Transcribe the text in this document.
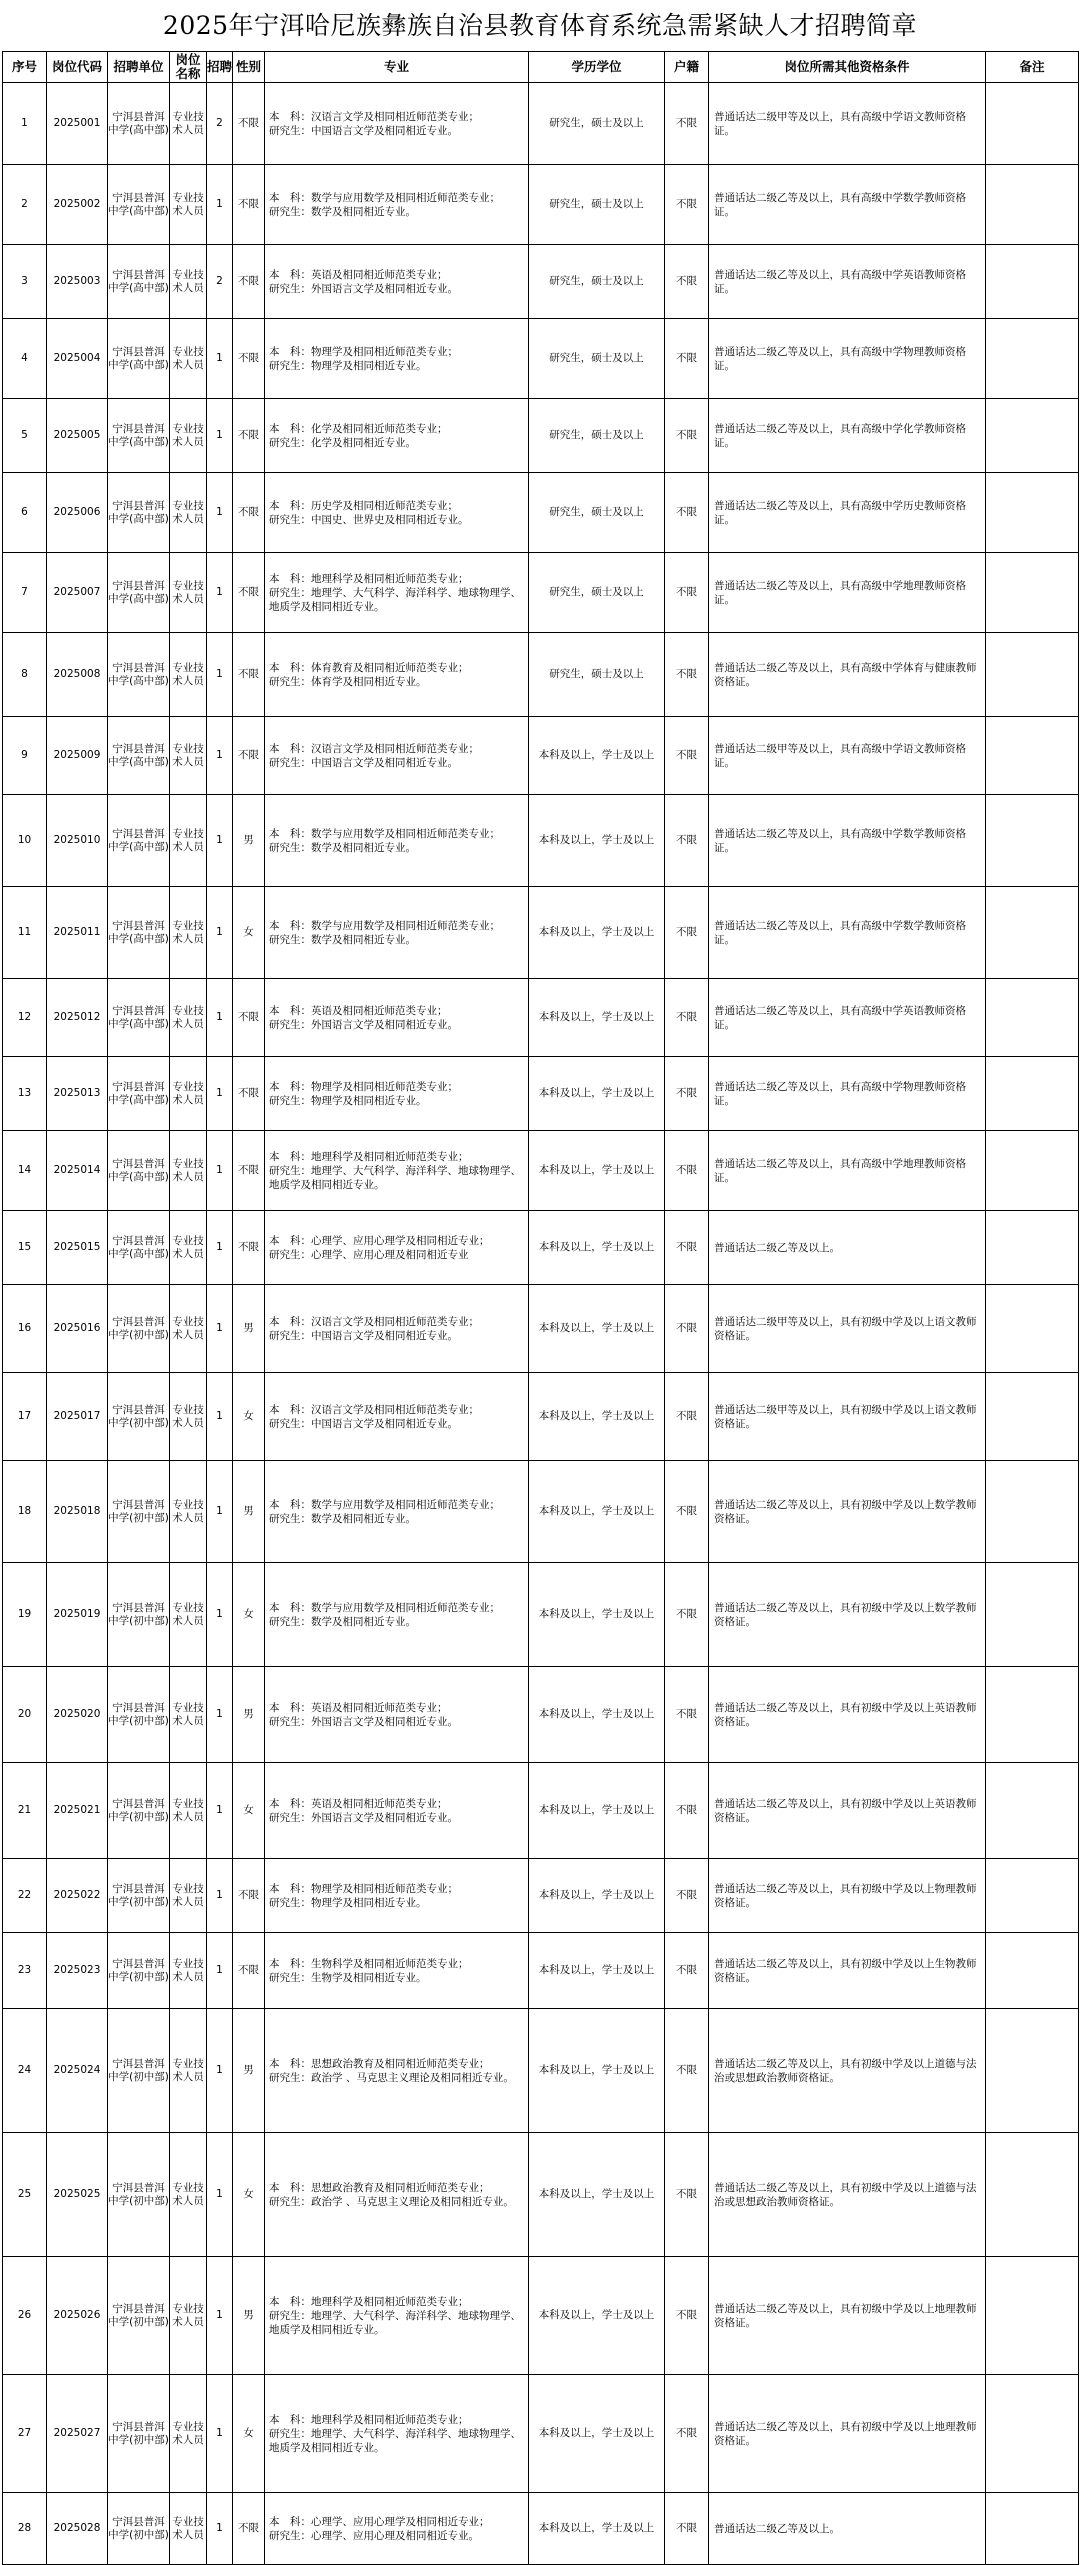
2025年宁洱哈尼族彝族自治县教育体育系统急需紧缺人才招聘简章
序号	岗位代码	招聘单位	岗位名称	招聘	性别	专业	学历学位	户籍	岗位所需其他资格条件	备注
1	2025001	宁洱县普洱中学(高中部)	专业技术人员	2	不限	本　科：汉语言文学及相同相近师范类专业；
研究生：中国语言文学及相同相近专业。	研究生，硕士及以上	不限	普通话达二级甲等及以上，具有高级中学语文教师资格证。	
2	2025002	宁洱县普洱中学(高中部)	专业技术人员	1	不限	本　科：数学与应用数学及相同相近师范类专业；
研究生：数学及相同相近专业。	研究生，硕士及以上	不限	普通话达二级乙等及以上，具有高级中学数学教师资格证。	
3	2025003	宁洱县普洱中学(高中部)	专业技术人员	2	不限	本　科：英语及相同相近师范类专业；
研究生：外国语言文学及相同相近专业。	研究生，硕士及以上	不限	普通话达二级乙等及以上，具有高级中学英语教师资格证。	
4	2025004	宁洱县普洱中学(高中部)	专业技术人员	1	不限	本　科：物理学及相同相近师范类专业；
研究生：物理学及相同相近专业。	研究生，硕士及以上	不限	普通话达二级乙等及以上，具有高级中学物理教师资格证。	
5	2025005	宁洱县普洱中学(高中部)	专业技术人员	1	不限	本　科：化学及相同相近师范类专业；
研究生：化学及相同相近专业。	研究生，硕士及以上	不限	普通话达二级乙等及以上，具有高级中学化学教师资格证。	
6	2025006	宁洱县普洱中学(高中部)	专业技术人员	1	不限	本　科：历史学及相同相近师范类专业；
研究生：中国史、世界史及相同相近专业。	研究生，硕士及以上	不限	普通话达二级乙等及以上，具有高级中学历史教师资格证。	
7	2025007	宁洱县普洱中学(高中部)	专业技术人员	1	不限	本　科：地理科学及相同相近师范类专业；
研究生：地理学、大气科学、海洋科学、地球物理学、地质学及相同相近专业。	研究生，硕士及以上	不限	普通话达二级乙等及以上，具有高级中学地理教师资格证。	
8	2025008	宁洱县普洱中学(高中部)	专业技术人员	1	不限	本　科：体育教育及相同相近师范类专业；
研究生：体育学及相同相近专业。	研究生，硕士及以上	不限	普通话达二级乙等及以上，具有高级中学体育与健康教师资格证。	
9	2025009	宁洱县普洱中学(高中部)	专业技术人员	1	不限	本　科：汉语言文学及相同相近师范类专业；
研究生：中国语言文学及相同相近专业。	本科及以上，学士及以上	不限	普通话达二级甲等及以上，具有高级中学语文教师资格证。	
10	2025010	宁洱县普洱中学(高中部)	专业技术人员	1	男	本　科：数学与应用数学及相同相近师范类专业；
研究生：数学及相同相近专业。	本科及以上，学士及以上	不限	普通话达二级乙等及以上，具有高级中学数学教师资格证。	
11	2025011	宁洱县普洱中学(高中部)	专业技术人员	1	女	本　科：数学与应用数学及相同相近师范类专业；
研究生：数学及相同相近专业。	本科及以上，学士及以上	不限	普通话达二级乙等及以上，具有高级中学数学教师资格证。	
12	2025012	宁洱县普洱中学(高中部)	专业技术人员	1	不限	本　科：英语及相同相近师范类专业；
研究生：外国语言文学及相同相近专业。	本科及以上，学士及以上	不限	普通话达二级乙等及以上，具有高级中学英语教师资格证。	
13	2025013	宁洱县普洱中学(高中部)	专业技术人员	1	不限	本　科：物理学及相同相近师范类专业；
研究生：物理学及相同相近专业。	本科及以上，学士及以上	不限	普通话达二级乙等及以上，具有高级中学物理教师资格证。	
14	2025014	宁洱县普洱中学(高中部)	专业技术人员	1	不限	本　科：地理科学及相同相近师范类专业；
研究生：地理学、大气科学、海洋科学、地球物理学、地质学及相同相近专业。	本科及以上，学士及以上	不限	普通话达二级乙等及以上，具有高级中学地理教师资格证。	
15	2025015	宁洱县普洱中学(高中部)	专业技术人员	1	不限	本　科：心理学、应用心理学及相同相近专业；
研究生：心理学、应用心理及相同相近专业	本科及以上，学士及以上	不限	普通话达二级乙等及以上。	
16	2025016	宁洱县普洱中学(初中部)	专业技术人员	1	男	本　科：汉语言文学及相同相近师范类专业；
研究生：中国语言文学及相同相近专业。	本科及以上，学士及以上	不限	普通话达二级甲等及以上，具有初级中学及以上语文教师资格证。	
17	2025017	宁洱县普洱中学(初中部)	专业技术人员	1	女	本　科：汉语言文学及相同相近师范类专业；
研究生：中国语言文学及相同相近专业。	本科及以上，学士及以上	不限	普通话达二级甲等及以上，具有初级中学及以上语文教师资格证。	
18	2025018	宁洱县普洱中学(初中部)	专业技术人员	1	男	本　科：数学与应用数学及相同相近师范类专业；
研究生：数学及相同相近专业。	本科及以上，学士及以上	不限	普通话达二级乙等及以上，具有初级中学及以上数学教师资格证。	
19	2025019	宁洱县普洱中学(初中部)	专业技术人员	1	女	本　科：数学与应用数学及相同相近师范类专业；
研究生：数学及相同相近专业。	本科及以上，学士及以上	不限	普通话达二级乙等及以上，具有初级中学及以上数学教师资格证。	
20	2025020	宁洱县普洱中学(初中部)	专业技术人员	1	男	本　科：英语及相同相近师范类专业；
研究生：外国语言文学及相同相近专业。	本科及以上，学士及以上	不限	普通话达二级乙等及以上，具有初级中学及以上英语教师资格证。	
21	2025021	宁洱县普洱中学(初中部)	专业技术人员	1	女	本　科：英语及相同相近师范类专业；
研究生：外国语言文学及相同相近专业。	本科及以上，学士及以上	不限	普通话达二级乙等及以上，具有初级中学及以上英语教师资格证。	
22	2025022	宁洱县普洱中学(初中部)	专业技术人员	1	不限	本　科：物理学及相同相近师范类专业；
研究生：物理学及相同相近专业。	本科及以上，学士及以上	不限	普通话达二级乙等及以上，具有初级中学及以上物理教师资格证。	
23	2025023	宁洱县普洱中学(初中部)	专业技术人员	1	不限	本　科：生物科学及相同相近师范类专业；
研究生：生物学及相同相近专业。	本科及以上，学士及以上	不限	普通话达二级乙等及以上，具有初级中学及以上生物教师资格证。	
24	2025024	宁洱县普洱中学(初中部)	专业技术人员	1	男	本　科：思想政治教育及相同相近师范类专业；
研究生：政治学 、马克思主义理论及相同相近专业。	本科及以上，学士及以上	不限	普通话达二级乙等及以上，具有初级中学及以上道德与法治或思想政治教师资格证。	
25	2025025	宁洱县普洱中学(初中部)	专业技术人员	1	女	本　科：思想政治教育及相同相近师范类专业；
研究生：政治学 、马克思主义理论及相同相近专业。	本科及以上，学士及以上	不限	普通话达二级乙等及以上，具有初级中学及以上道德与法治或思想政治教师资格证。	
26	2025026	宁洱县普洱中学(初中部)	专业技术人员	1	男	本　科：地理科学及相同相近师范类专业；
研究生：地理学、大气科学、海洋科学、地球物理学、地质学及相同相近专业。	本科及以上，学士及以上	不限	普通话达二级乙等及以上，具有初级中学及以上地理教师资格证。	
27	2025027	宁洱县普洱中学(初中部)	专业技术人员	1	女	本　科：地理科学及相同相近师范类专业；
研究生：地理学、大气科学、海洋科学、地球物理学、地质学及相同相近专业。	本科及以上，学士及以上	不限	普通话达二级乙等及以上，具有初级中学及以上地理教师资格证。	
28	2025028	宁洱县普洱中学(初中部)	专业技术人员	1	不限	本　科：心理学、应用心理学及相同相近专业；
研究生：心理学、应用心理及相同相近专业。	本科及以上，学士及以上	不限	普通话达二级乙等及以上。	
